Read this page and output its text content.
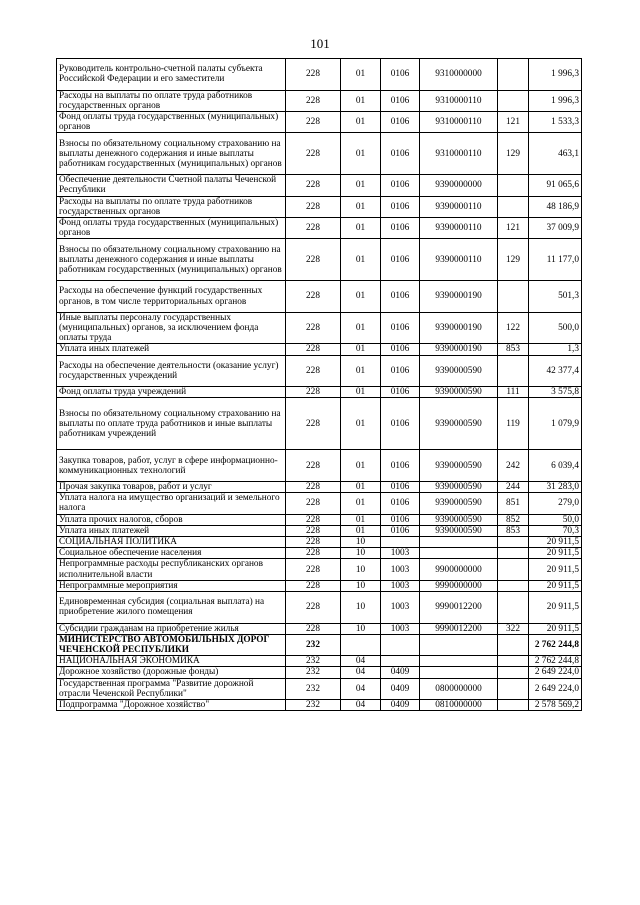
101
Руководитель контрольно-счетной палаты субъекта Российской Федерации и его заместители	228	01	0106	9310000000		1 996,3
Расходы на выплаты по оплате труда работников государственных органов	228	01	0106	9310000110		1 996,3
Фонд оплаты труда государственных (муниципальных) органов	228	01	0106	9310000110	121	1 533,3
Взносы по обязательному социальному страхованию на выплаты денежного содержания и иные выплаты работникам государственных (муниципальных) органов	228	01	0106	9310000110	129	463,1
Обеспечение деятельности Счетной палаты Чеченской Республики	228	01	0106	9390000000		91 065,6
Расходы на выплаты по оплате труда работников государственных органов	228	01	0106	9390000110		48 186,9
Фонд оплаты труда государственных (муниципальных) органов	228	01	0106	9390000110	121	37 009,9
Взносы по обязательному социальному страхованию на выплаты денежного содержания и иные выплаты работникам государственных (муниципальных) органов	228	01	0106	9390000110	129	11 177,0
Расходы на обеспечение функций государственных органов, в том числе территориальных органов	228	01	0106	9390000190		501,3
Иные выплаты персоналу государственных (муниципальных) органов, за исключением фонда оплаты труда	228	01	0106	9390000190	122	500,0
Уплата иных платежей	228	01	0106	9390000190	853	1,3
Расходы на обеспечение деятельности (оказание услуг) государственных учреждений	228	01	0106	9390000590		42 377,4
Фонд оплаты труда учреждений	228	01	0106	9390000590	111	3 575,8
Взносы по обязательному социальному страхованию на выплаты по оплате труда работников и иные выплаты работникам учреждений	228	01	0106	9390000590	119	1 079,9
Закупка товаров, работ, услуг в сфере информационно-коммуникационных технологий	228	01	0106	9390000590	242	6 039,4
Прочая закупка товаров, работ и услуг	228	01	0106	9390000590	244	31 283,0
Уплата налога на имущество организаций и земельного налога	228	01	0106	9390000590	851	279,0
Уплата прочих налогов, сборов	228	01	0106	9390000590	852	50,0
Уплата иных платежей	228	01	0106	9390000590	853	70,3
СОЦИАЛЬНАЯ ПОЛИТИКА	228	10				20 911,5
Социальное обеспечение населения	228	10	1003			20 911,5
Непрограммные расходы республиканских органов исполнительной власти	228	10	1003	9900000000		20 911,5
Непрограммные мероприятия	228	10	1003	9990000000		20 911,5
Единовременная субсидия (социальная выплата) на приобретение жилого помещения	228	10	1003	9990012200		20 911,5
Субсидии гражданам на приобретение жилья	228	10	1003	9990012200	322	20 911,5
МИНИСТЕРСТВО АВТОМОБИЛЬНЫХ ДОРОГ ЧЕЧЕНСКОЙ РЕСПУБЛИКИ	232					2 762 244,8
НАЦИОНАЛЬНАЯ ЭКОНОМИКА	232	04				2 762 244,8
Дорожное хозяйство (дорожные фонды)	232	04	0409			2 649 224,0
Государственная программа "Развитие дорожной отрасли Чеченской Республики"	232	04	0409	0800000000		2 649 224,0
Подпрограмма "Дорожное хозяйство"	232	04	0409	0810000000		2 578 569,2
